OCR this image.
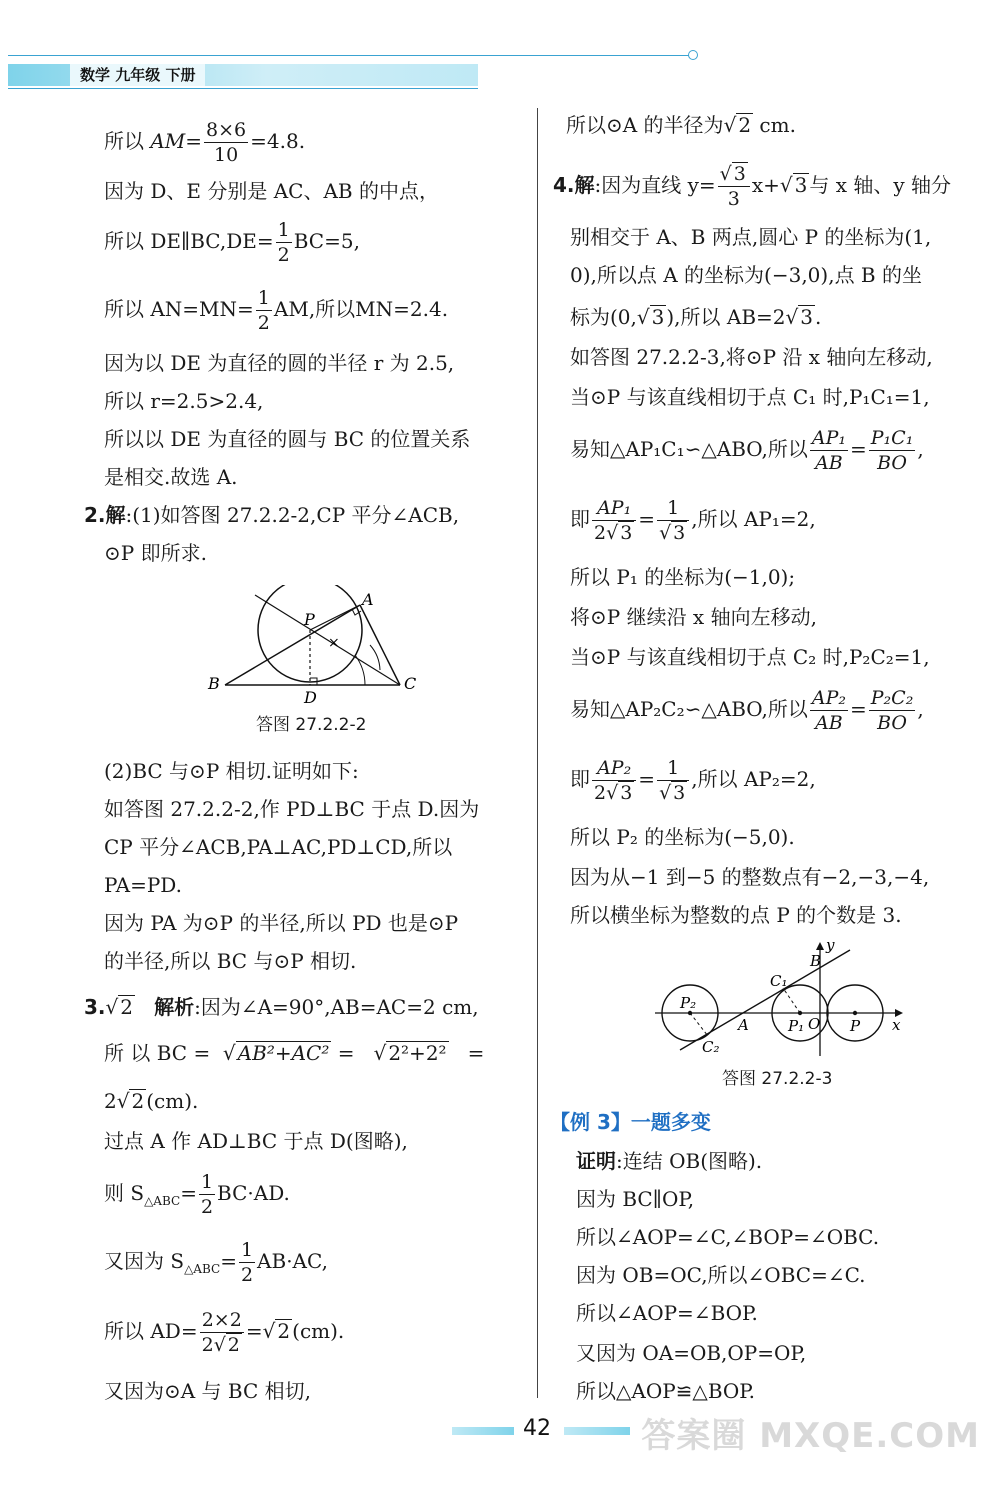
数学 九年级 下册
所以 $AM= \frac{8\times 6}{10} =4.8$.
因为 D、E 分别是 AC、AB 的中点，
所以 DE∥BC,DE= $\frac{1}{2} BC=5$,
所以 $AN=MN= \frac{1}{2}$ AM,所以MN=2.4.
因为以 DE 为直径的圆的半径 r 为 2.5,
所以 r=2.5>2.4,
所以以 DE 为直径的圆与 BC 的位置关系
是相交.故选 A.
2.解:(1)如答图 27.2.2-2,CP 平分∠ACB,
⊙P 即所求.
×
P
A
B	C
D
答图 27.2.2-2
(2)BC 与⊙P 相切.证明如下:
如答图 27.2.2-2,作 PD⊥BC 于点 D.因为
CP 平分∠ACB,PA⊥AC,PD⊥CD,所以
PA=PD.
因为 PA 为⊙P 的半径,所以 PD 也是⊙P
的半径,所以 BC 与⊙P 相切.
3.√ 2 解析:因为∠A=90°,AB=AC=2 cm,
所 以 BC = √ AB²+AC² =   √ 2²+2² =
2√ 2 (cm).
过点 A 作 AD⊥BC 于点 D(图略),
则 $S_{\triangle ABC}= \frac{1}{2} BC\cdot AD$.
又因为 $S_{\triangle ABC}= \frac{1}{2} AB\cdot AC$,
所以 $AD= \frac{2\times 2}{2√ 2}$ =√ 2 (cm).
又因为⊙A 与 BC 相切,
所以⊙A 的半径为√ 2 cm.
4.解:因为直线 $y= \frac{√ 3}{3} x+√$ 3 与 x 轴、y 轴分
别相交于 A、B 两点,圆心 P 的坐标为(1,
0),所以点 A 的坐标为(−3,0),点 B 的坐
标为(0,√ 3 ),所以 AB=2√ 3 .
如答图 27.2.2-3,将⊙P 沿 x 轴向左移动,
当⊙P 与该直线相切于点 C₁ 时,P₁C₁=1,
易知△AP₁C₁∽△ABO,所以 $\frac{\text{AP₁}}{AB} = \frac{\text{P₁C₁}}{BO}$ ,
即 $\frac{\text{AP₁}}{2√ 3} = \frac{1}{√ 3}$ ,所以 AP₁=2,
所以 P₁ 的坐标为(−1,0);
将⊙P 继续沿 x 轴向左移动,
当⊙P 与该直线相切于点 C₂ 时,P₂C₂=1,
易知△AP₂C₂∽△ABO,所以 $\frac{\text{AP₂}}{AB} = \frac{\text{P₂C₂}}{BO}$ ,
即 $\frac{\text{AP₂}}{2√ 3} = \frac{1}{√ 3}$ ,所以 AP₂=2,
所以 P₂ 的坐标为(−5,0).
因为从−1 到−5 的整数点有−2,−3,−4,
所以横坐标为整数的点 P 的个数是 3.
y
x
B
C₁
P₂
A	P₁ O P
C₂
答图 27.2.2-3
【例 3】一题多变
证明:连结 OB(图略).
因为 BC∥OP,
所以∠AOP=∠C,∠BOP=∠OBC.
因为 OB=OC,所以∠OBC=∠C.
所以∠AOP=∠BOP.
又因为 OA=OB,OP=OP,
所以△AOP≌△BOP.
42	答案圈 MXQE.COM
